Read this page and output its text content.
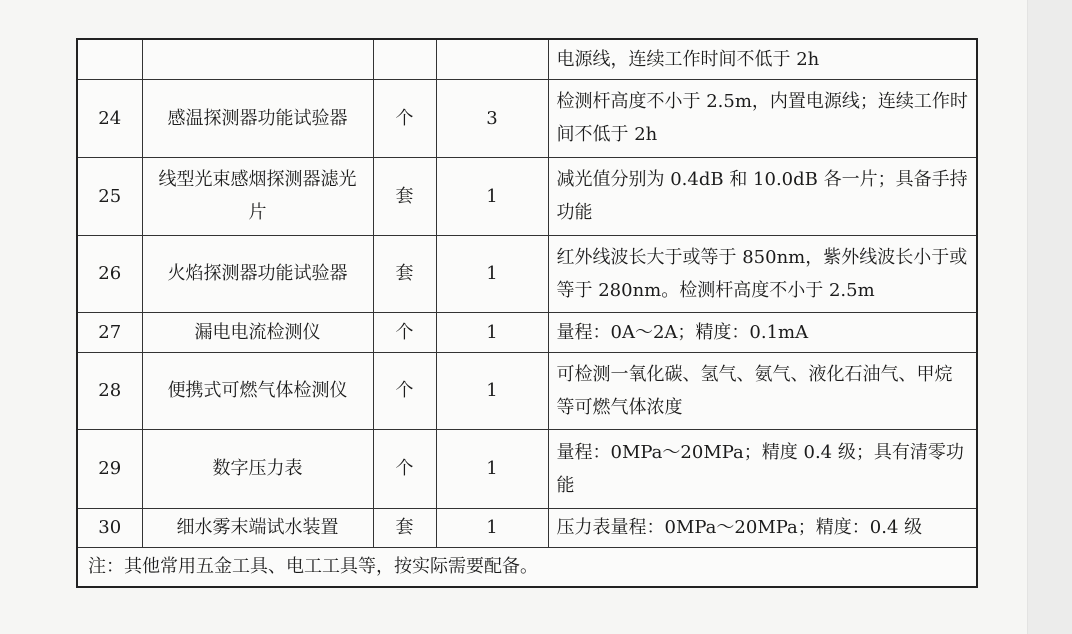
				电源线，连续工作时间不低于 2h
24	感温探测器功能试验器	个	3	检测杆高度不小于 2.5m，内置电源线；连续工作时间不低于 2h
25	线型光束感烟探测器滤光片	套	1	减光值分别为 0.4dB 和 10.0dB 各一片；具备手持功能
26	火焰探测器功能试验器	套	1	红外线波长大于或等于 850nm，紫外线波长小于或等于 280nm。检测杆高度不小于 2.5m
27	漏电电流检测仪	个	1	量程：0A〜2A；精度：0.1mA
28	便携式可燃气体检测仪	个	1	可检测一氧化碳、氢气、氨气、液化石油气、甲烷等可燃气体浓度
29	数字压力表	个	1	量程：0MPa〜20MPa；精度 0.4 级；具有清零功能
30	细水雾末端试水装置	套	1	压力表量程：0MPa〜20MPa；精度：0.4 级
注：其他常用五金工具、电工工具等，按实际需要配备。				
